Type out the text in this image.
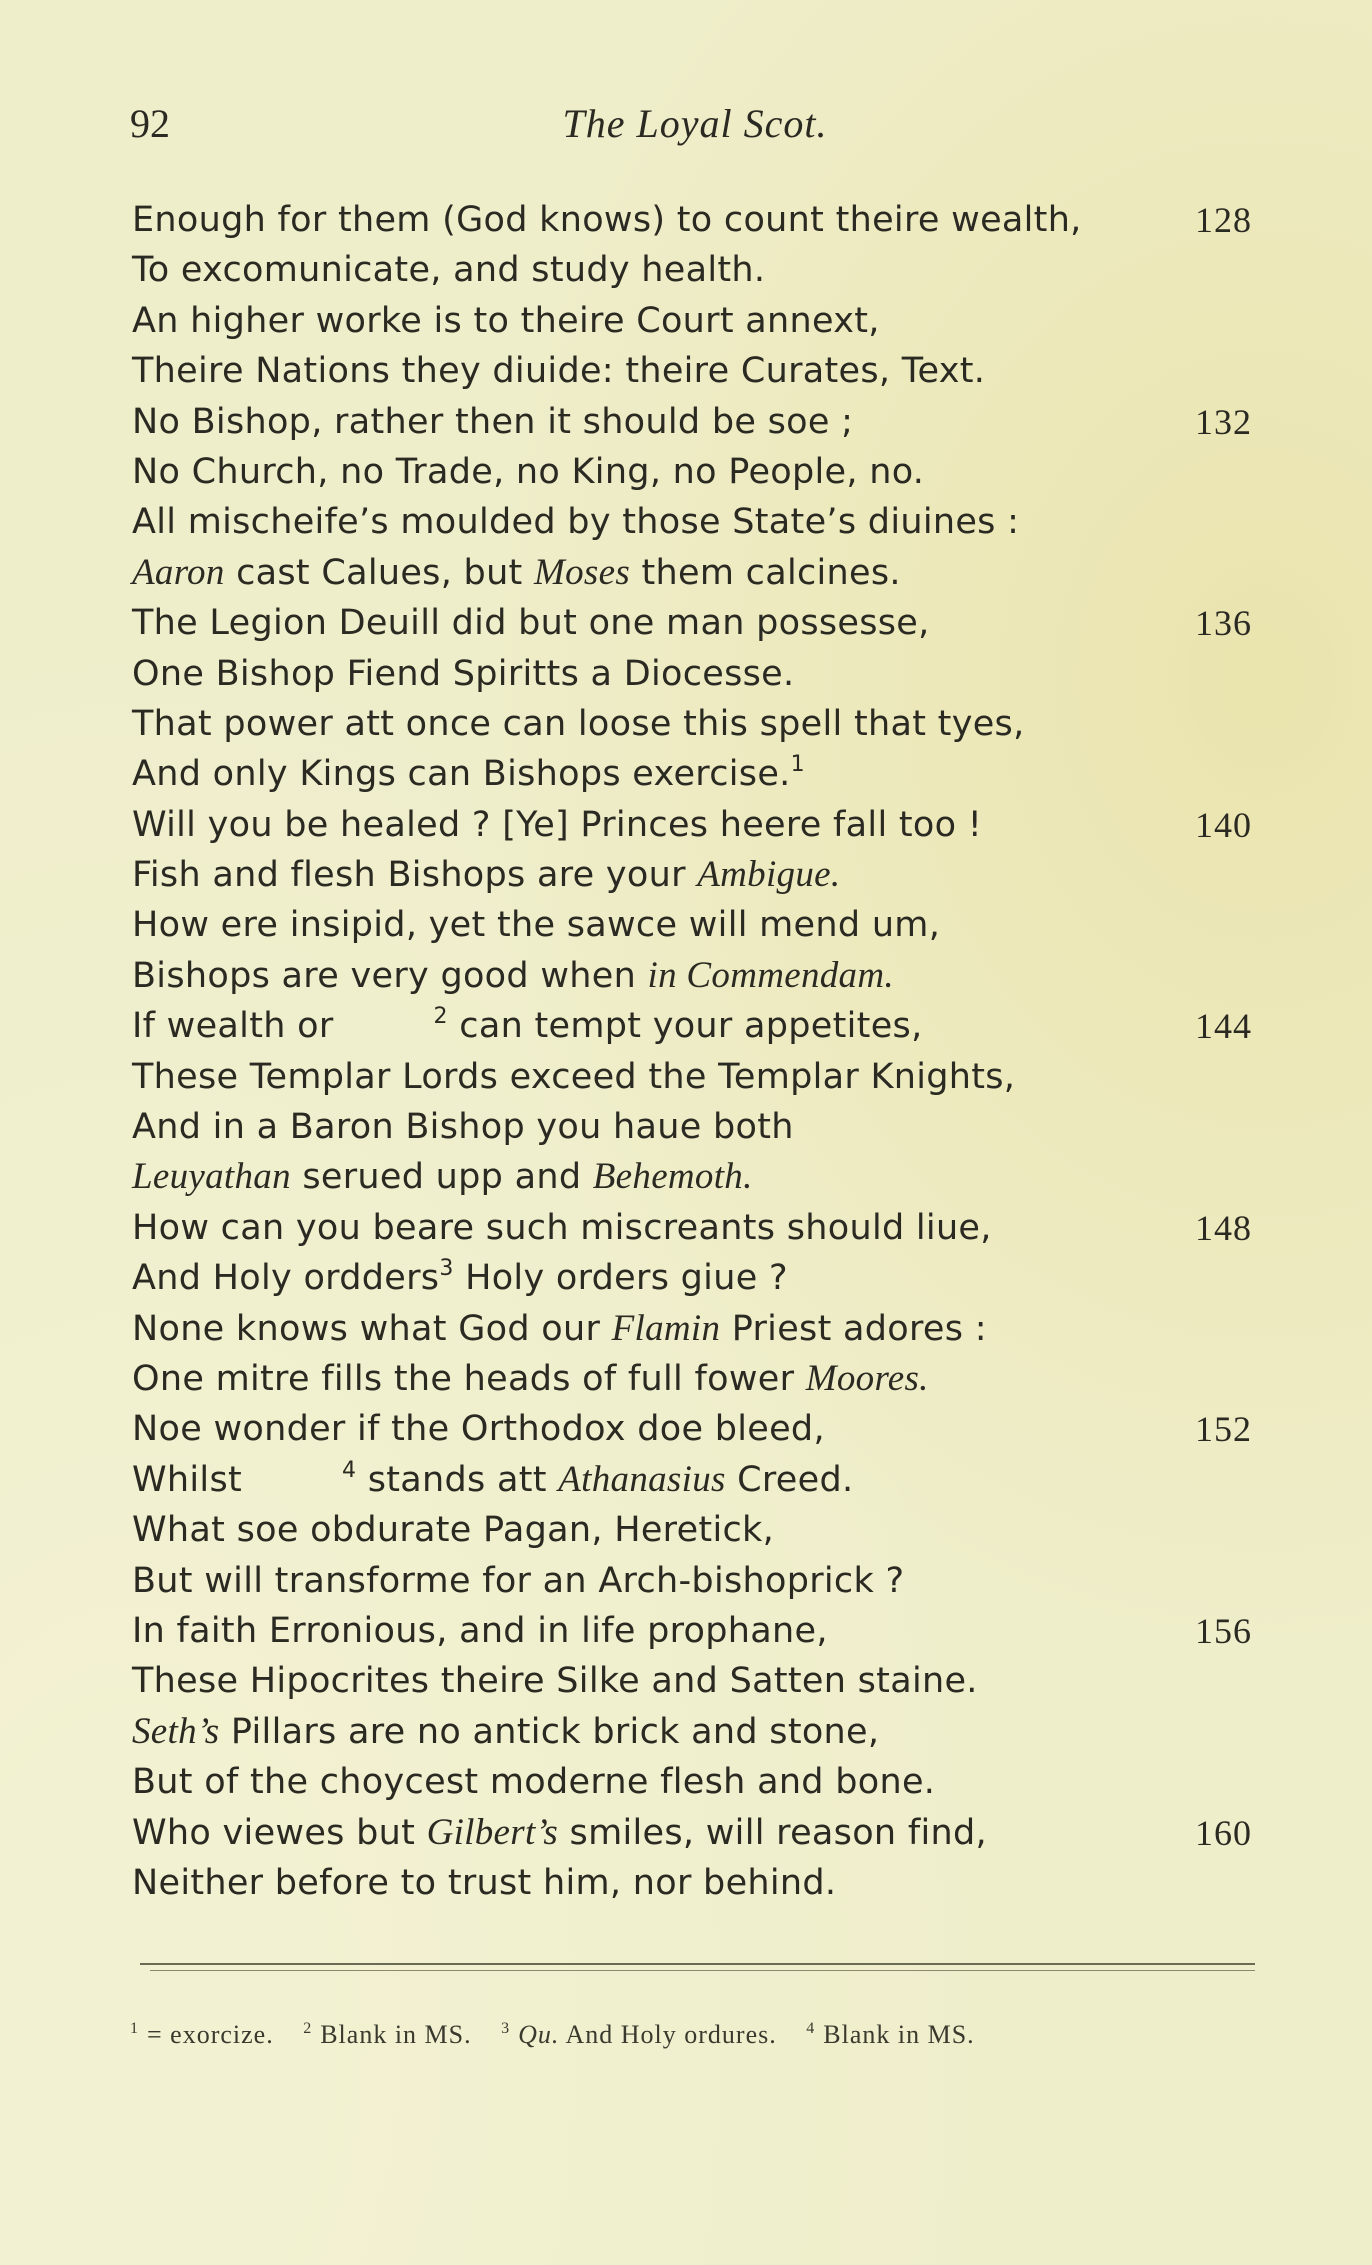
92	The Loyal Scot.
Enough for them (God knows) to count theire wealth,	128
To excomunicate, and study health.
An higher worke is to theire Court annext,
Theire Nations they diuide: theire Curates, Text.
No Bishop, rather then it should be soe ;	132
No Church, no Trade, no King, no People, no.
All mischeife’s moulded by those State’s diuines :
Aaron cast Calues, but Moses them calcines.
The Legion Deuill did but one man possesse,	136
One Bishop Fiend Spiritts a Diocesse.
That power att once can loose this spell that tyes,
And only Kings can Bishops exercise.$^1$
Will you be healed ? [Ye] Princes heere fall too !	140
Fish and flesh Bishops are your Ambigue.
How ere insipid, yet the sawce will mend um,
Bishops are very good when in Commendam.
If wealth or	$^2$ can tempt your appetites,	144
These Templar Lords exceed the Templar Knights,
And in a Baron Bishop you haue both
Leuyathan serued upp and Behemoth.
How can you beare such miscreants should liue,	148
And Holy ordders$^3$ Holy orders giue ?
None knows what God our Flamin Priest adores :
One mitre fills the heads of full fower Moores.
Noe wonder if the Orthodox doe bleed,	152
Whilst	$^4$ stands att Athanasius Creed.
What soe obdurate Pagan, Heretick,
But will transforme for an Arch-bishoprick ?
In faith Erronious, and in life prophane,	156
These Hipocrites theire Silke and Satten staine.
Seth’s Pillars are no antick brick and stone,
But of the choycest moderne flesh and bone.
Who viewes but Gilbert’s smiles, will reason find,	160
Neither before to trust him, nor behind.
$^1$ = exorcize. $^2$ Blank in MS. $^3$ Qu. And Holy ordures. $^4$ Blank in MS.
